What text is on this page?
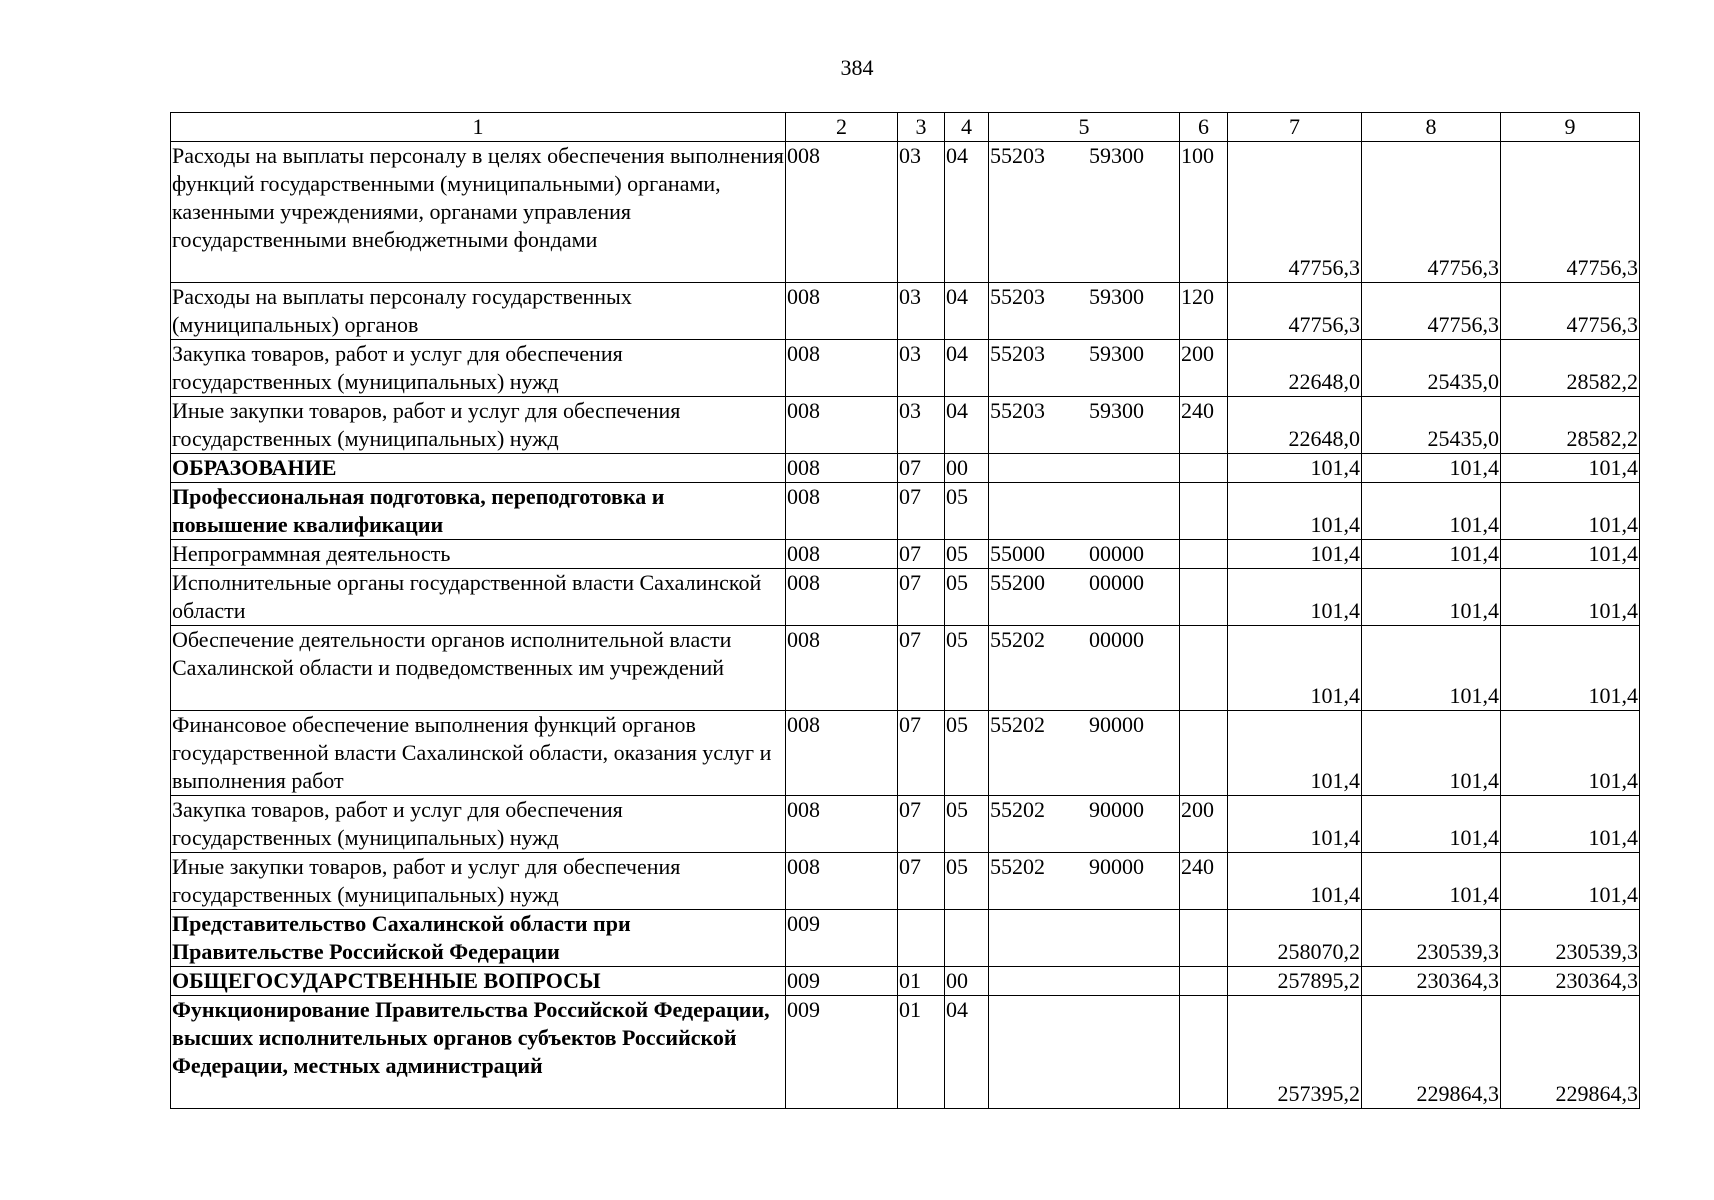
384
1	2	3	4	5	6	7	8	9
Расходы на выплаты персоналу в целях обеспечения выполнения функций государственными (муниципальными) органами, казенными учреждениями, органами управления государственными внебюджетными фондами	008	03	04	55203 59300	100	47756,3	47756,3	47756,3
Расходы на выплаты персоналу государственных (муниципальных) органов	008	03	04	55203 59300	120	47756,3	47756,3	47756,3
Закупка товаров, работ и услуг для обеспечения государственных (муниципальных) нужд	008	03	04	55203 59300	200	22648,0	25435,0	28582,2
Иные закупки товаров, работ и услуг для обеспечения государственных (муниципальных) нужд	008	03	04	55203 59300	240	22648,0	25435,0	28582,2
ОБРАЗОВАНИЕ	008	07	00			101,4	101,4	101,4
Профессиональная подготовка, переподготовка и повышение квалификации	008	07	05			101,4	101,4	101,4
Непрограммная деятельность	008	07	05	55000 00000		101,4	101,4	101,4
Исполнительные органы государственной власти Сахалинской области	008	07	05	55200 00000		101,4	101,4	101,4
Обеспечение деятельности органов исполнительной власти Сахалинской области и подведомственных им учреждений	008	07	05	55202 00000		101,4	101,4	101,4
Финансовое обеспечение выполнения функций органов государственной власти Сахалинской области, оказания услуг и выполнения работ	008	07	05	55202 90000		101,4	101,4	101,4
Закупка товаров, работ и услуг для обеспечения государственных (муниципальных) нужд	008	07	05	55202 90000	200	101,4	101,4	101,4
Иные закупки товаров, работ и услуг для обеспечения государственных (муниципальных) нужд	008	07	05	55202 90000	240	101,4	101,4	101,4
Представительство Сахалинской области при Правительстве Российской Федерации	009					258070,2	230539,3	230539,3
ОБЩЕГОСУДАРСТВЕННЫЕ ВОПРОСЫ	009	01	00			257895,2	230364,3	230364,3
Функционирование Правительства Российской Федерации, высших исполнительных органов субъектов Российской Федерации, местных администраций	009	01	04			257395,2	229864,3	229864,3
